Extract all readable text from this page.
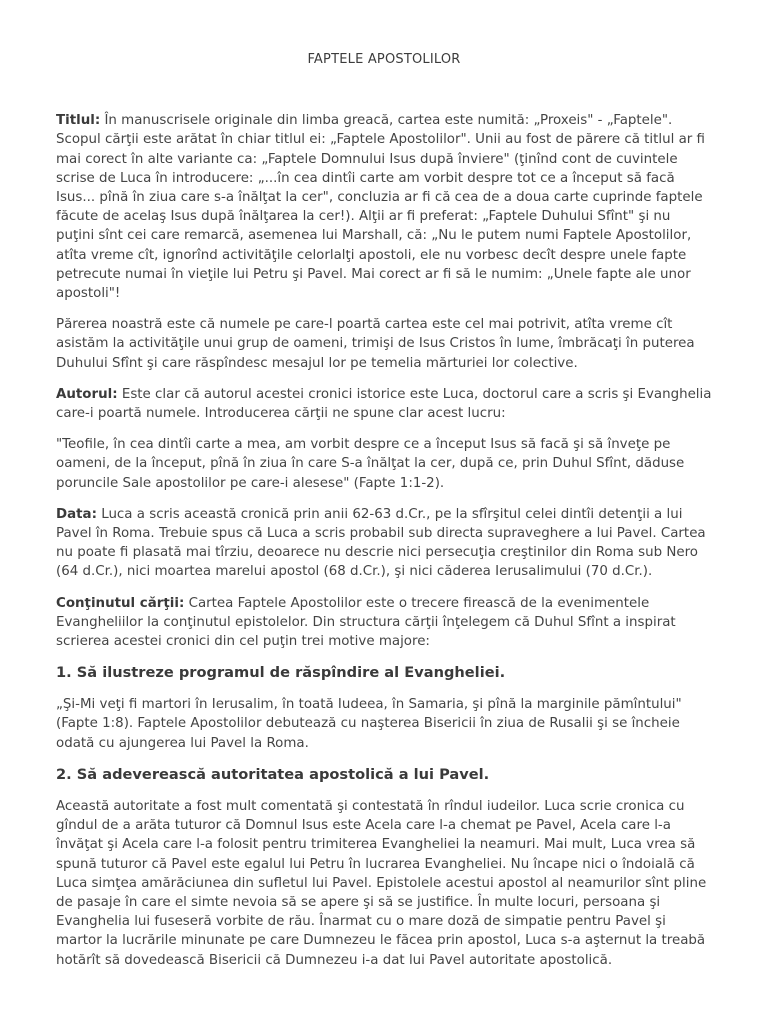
FAPTELE APOSTOLILOR

Titlul: În manuscrisele originale din limba greacă, cartea este numită: „Proxeis" - „Faptele". Scopul cărţii este arătat în chiar titlul ei: „Faptele Apostolilor". Unii au fost de părere că titlul ar fi mai corect în alte variante ca: „Faptele Domnului Isus după înviere" (ţinînd cont de cuvintele scrise de Luca în introducere: „...în cea dintîi carte am vorbit despre tot ce a început să facă Isus... pînă în ziua care s-a înălţat la cer", concluzia ar fi că cea de a doua carte cuprinde faptele făcute de acelaş Isus după înălţarea la cer!). Alţii ar fi preferat: „Faptele Duhului Sfînt" şi nu puţini sînt cei care remarcă, asemenea lui Marshall, că: „Nu le putem numi Faptele Apostolilor, atîta vreme cît, ignorînd activităţile celorlalţi apostoli, ele nu vorbesc decît despre unele fapte petrecute numai în vieţile lui Petru şi Pavel. Mai corect ar fi să le numim: „Unele fapte ale unor apostoli"!

Părerea noastră este că numele pe care-l poartă cartea este cel mai potrivit, atîta vreme cît asistăm la activităţile unui grup de oameni, trimişi de Isus Cristos în lume, îmbrăcaţi în puterea Duhului Sfînt şi care răspîndesc mesajul lor pe temelia mărturiei lor colective.

Autorul: Este clar că autorul acestei cronici istorice este Luca, doctorul care a scris şi Evanghelia care-i poartă numele. Introducerea cărţii ne spune clar acest lucru:

"Teofile, în cea dintîi carte a mea, am vorbit despre ce a început Isus să facă şi să înveţe pe oameni, de la început, pînă în ziua în care S-a înălţat la cer, după ce, prin Duhul Sfînt, dăduse poruncile Sale apostolilor pe care-i alesese" (Fapte 1:1-2).

Data: Luca a scris această cronică prin anii 62-63 d.Cr., pe la sfîrşitul celei dintîi detenţii a lui Pavel în Roma. Trebuie spus că Luca a scris probabil sub directa supraveghere a lui Pavel. Cartea nu poate fi plasată mai tîrziu, deoarece nu descrie nici persecuţia creştinilor din Roma sub Nero (64 d.Cr.), nici moartea marelui apostol (68 d.Cr.), şi nici căderea Ierusalimului (70 d.Cr.).

Conţinutul cărţii: Cartea Faptele Apostolilor este o trecere firească de la evenimentele Evangheliilor la conţinutul epistolelor. Din structura cărţii înţelegem că Duhul Sfînt a inspirat scrierea acestei cronici din cel puţin trei motive majore:

1. Să ilustreze programul de răspîndire al Evangheliei.

„Şi-Mi veţi fi martori în Ierusalim, în toată Iudeea, în Samaria, şi pînă la marginile pămîntului" (Fapte 1:8). Faptele Apostolilor debutează cu naşterea Bisericii în ziua de Rusalii şi se încheie odată cu ajungerea lui Pavel la Roma.

2. Să adeverească autoritatea apostolică a lui Pavel.

Această autoritate a fost mult comentată şi contestată în rîndul iudeilor. Luca scrie cronica cu gîndul de a arăta tuturor că Domnul Isus este Acela care l-a chemat pe Pavel, Acela care l-a învăţat şi Acela care l-a folosit pentru trimiterea Evangheliei la neamuri. Mai mult, Luca vrea să spună tuturor că Pavel este egalul lui Petru în lucrarea Evangheliei. Nu încape nici o îndoială că Luca simţea amărăciunea din sufletul lui Pavel. Epistolele acestui apostol al neamurilor sînt pline de pasaje în care el simte nevoia să se apere şi să se justifice. În multe locuri, persoana şi Evanghelia lui fuseseră vorbite de rău. Înarmat cu o mare doză de simpatie pentru Pavel şi martor la lucrările minunate pe care Dumnezeu le făcea prin apostol, Luca s-a aşternut la treabă hotărît să dovedească Bisericii că Dumnezeu i-a dat lui Pavel autoritate apostolică.
